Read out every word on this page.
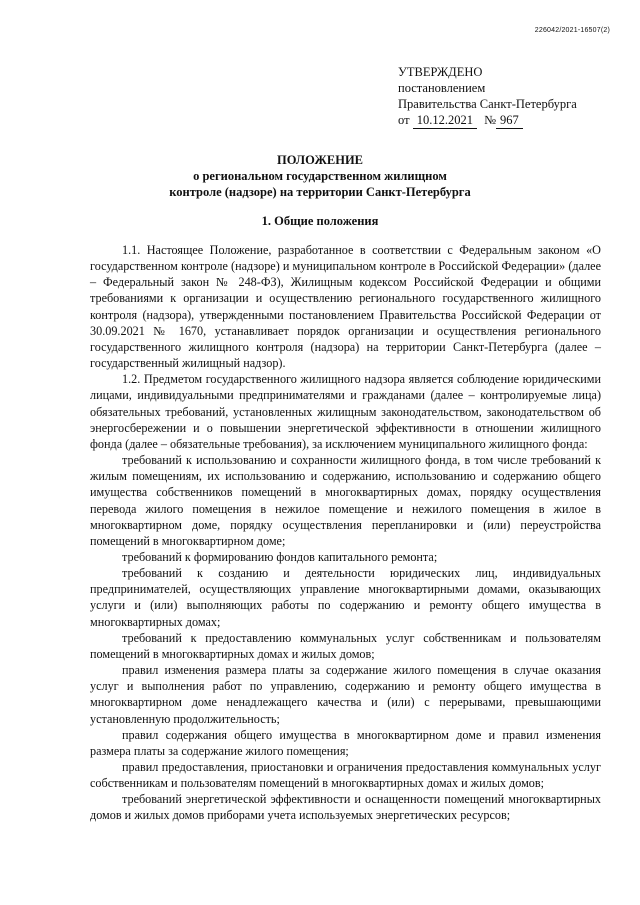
226042/2021-16507(2)
УТВЕРЖДЕНО
постановлением
Правительства Санкт-Петербурга
от 10.12.2021 № 967
ПОЛОЖЕНИЕ
о региональном государственном жилищном
контроле (надзоре) на территории Санкт-Петербурга
1. Общие положения

1.1. Настоящее Положение, разработанное в соответствии с Федеральным законом «О государственном контроле (надзоре) и муниципальном контроле в Российской Федерации» (далее – Федеральный закон № 248-ФЗ), Жилищным кодексом Российской Федерации и общими требованиями к организации и осуществлению регионального государственного жилищного контроля (надзора), утвержденными постановлением Правительства Российской Федерации от 30.09.2021 № 1670, устанавливает порядок организации и осуществления регионального государственного жилищного контроля (надзора) на территории Санкт-Петербурга (далее – государственный жилищный надзор).

1.2. Предметом государственного жилищного надзора является соблюдение юридическими лицами, индивидуальными предпринимателями и гражданами (далее – контролируемые лица) обязательных требований, установленных жилищным законодательством, законодательством об энергосбережении и о повышении энергетической эффективности в отношении жилищного фонда (далее – обязательные требования), за исключением муниципального жилищного фонда:

требований к использованию и сохранности жилищного фонда, в том числе требований к жилым помещениям, их использованию и содержанию, использованию и содержанию общего имущества собственников помещений в многоквартирных домах, порядку осуществления перевода жилого помещения в нежилое помещение и нежилого помещения в жилое в многоквартирном доме, порядку осуществления перепланировки и (или) переустройства помещений в многоквартирном доме;

требований к формированию фондов капитального ремонта;

требований к созданию и деятельности юридических лиц, индивидуальных предпринимателей, осуществляющих управление многоквартирными домами, оказывающих услуги и (или) выполняющих работы по содержанию и ремонту общего имущества в многоквартирных домах;

требований к предоставлению коммунальных услуг собственникам и пользователям помещений в многоквартирных домах и жилых домов;

правил изменения размера платы за содержание жилого помещения в случае оказания услуг и выполнения работ по управлению, содержанию и ремонту общего имущества в многоквартирном доме ненадлежащего качества и (или) с перерывами, превышающими установленную продолжительность;

правил содержания общего имущества в многоквартирном доме и правил изменения размера платы за содержание жилого помещения;

правил предоставления, приостановки и ограничения предоставления коммунальных услуг собственникам и пользователям помещений в многоквартирных домах и жилых домов;

требований энергетической эффективности и оснащенности помещений многоквартирных домов и жилых домов приборами учета используемых энергетических ресурсов;
